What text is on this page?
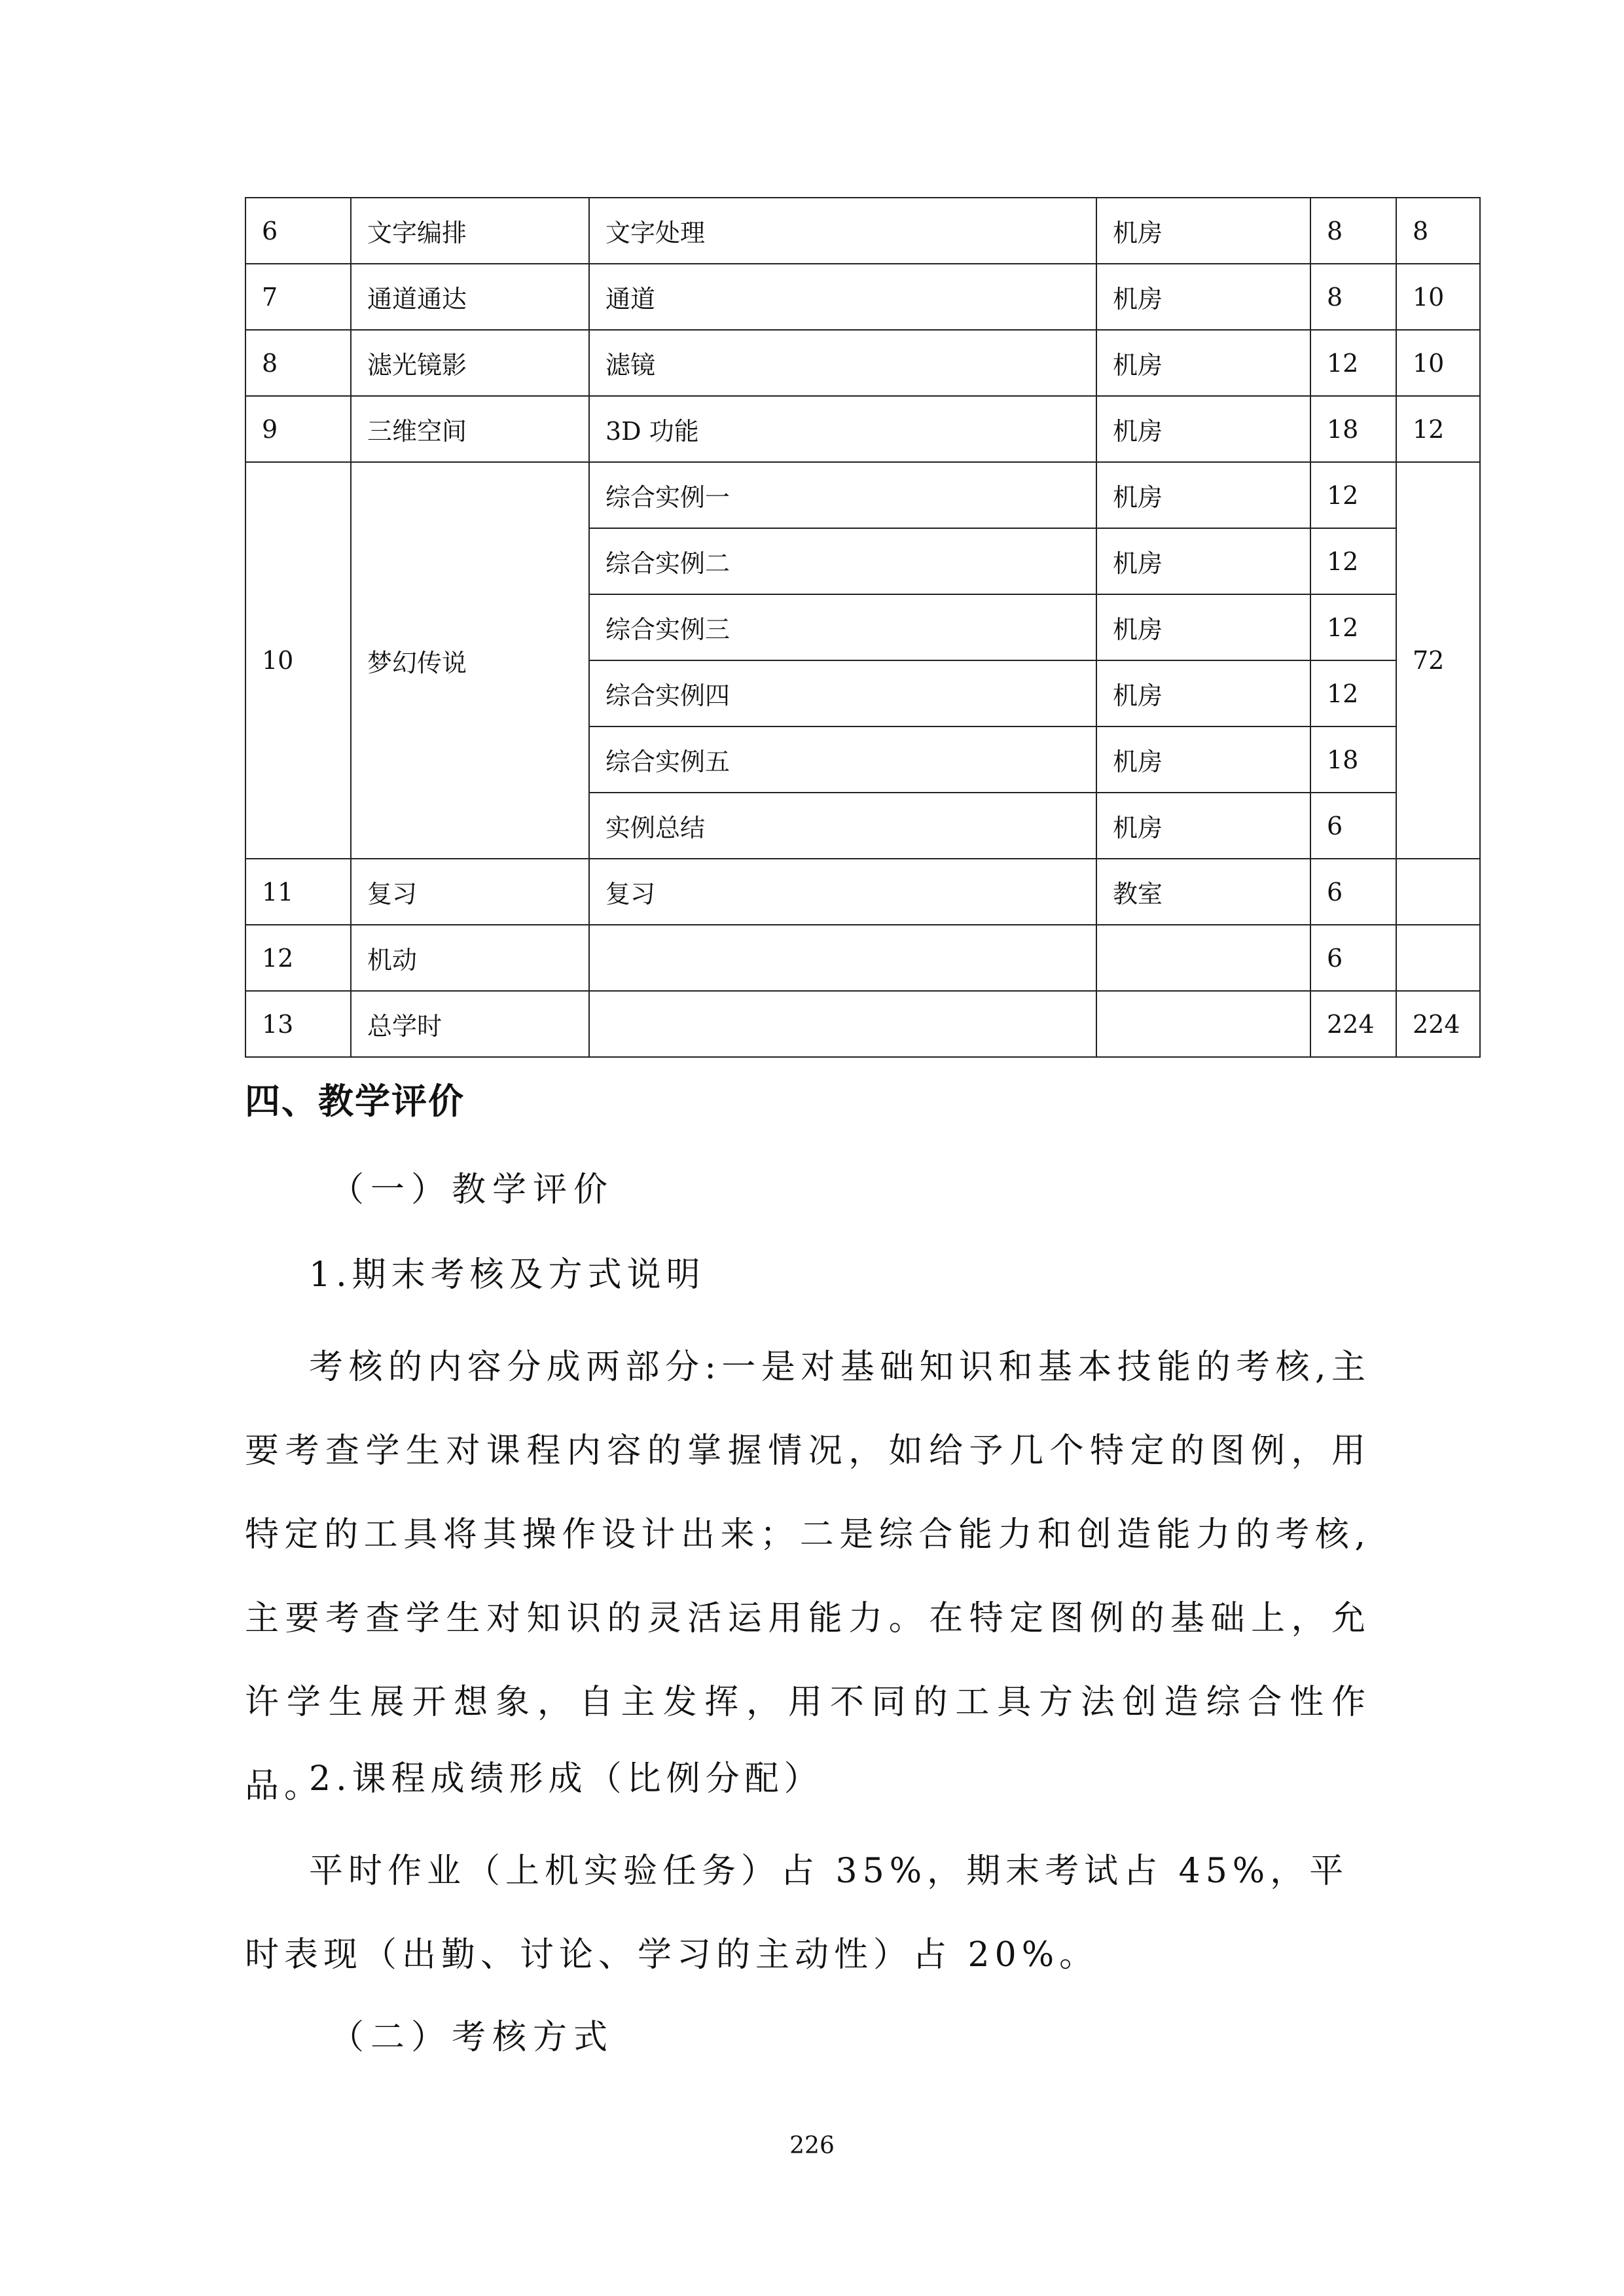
6	文字编排	文字处理	机房	8	8
7	通道通达	通道	机房	8	10
8	滤光镜影	滤镜	机房	12	10
9	三维空间	3D 功能	机房	18	12
10	梦幻传说	综合实例一	机房	12	72
		综合实例二	机房	12	
		综合实例三	机房	12	
		综合实例四	机房	12	
		综合实例五	机房	18	
		实例总结	机房	6	
11	复习	复习	教室	6	
12	机动			6	
13	总学时			224	224
四、教学评价
（一）教学评价
1.期末考核及方式说明

考核的内容分成两部分:一是对基础知识和基本技能的考核,主要考查学生对课程内容的掌握情况，如给予几个特定的图例，用特定的工具将其操作设计出来；二是综合能力和创造能力的考核,主要考查学生对知识的灵活运用能力。在特定图例的基础上，允许学生展开想象，自主发挥，用不同的工具方法创造综合性作品。

2.课程成绩形成（比例分配）

平时作业（上机实验任务）占 35%，期末考试占 45%，平时表现（出勤、讨论、学习的主动性）占 20%。

（二）考核方式
226
